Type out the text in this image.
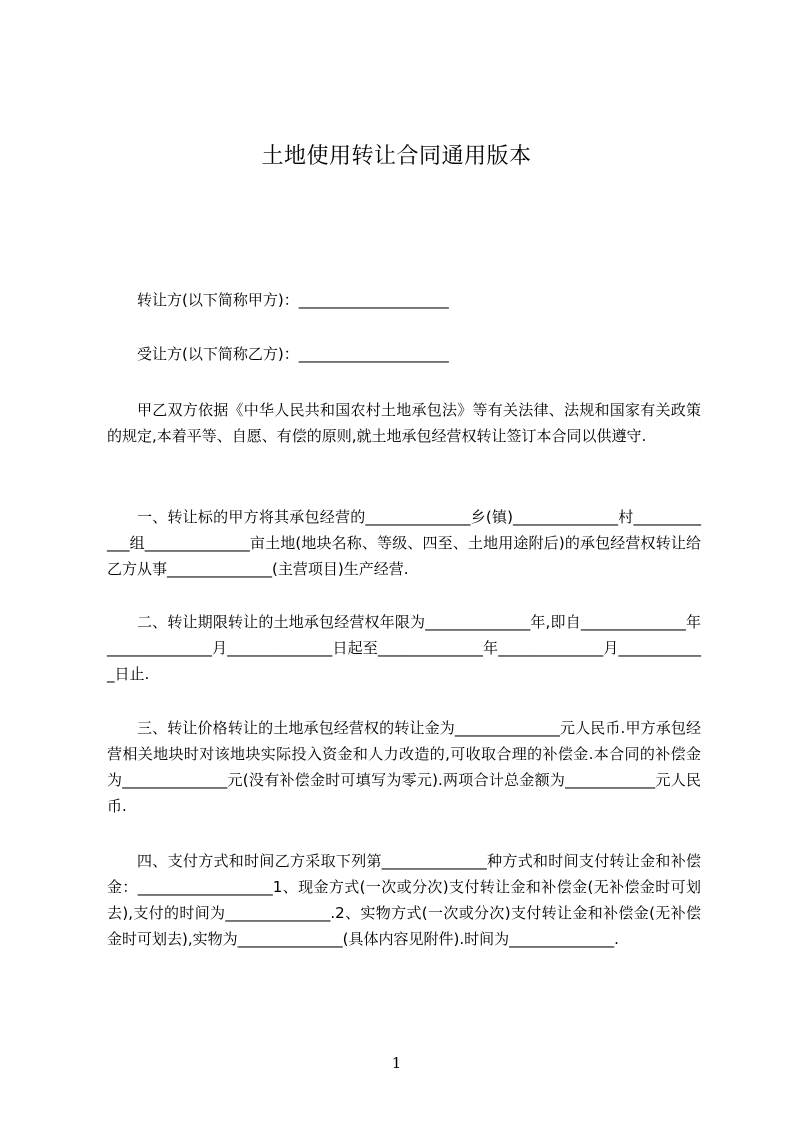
土地使用转让合同通用版本
转让方(以下简称甲方)：____________________
受让方(以下简称乙方)：____________________
甲乙双方依据《中华人民共和国农村土地承包法》等有关法律、法规和国家有关政策的规定,本着平等、自愿、有偿的原则,就土地承包经营权转让签订本合同以供遵守.
一、转让标的甲方将其承包经营的______________乡(镇)______________村____________组______________亩土地(地块名称、等级、四至、土地用途附后)的承包经营权转让给乙方从事______________(主营项目)生产经营.
二、转让期限转让的土地承包经营权年限为______________年,即自______________年______________月______________日起至______________年______________月____________日止.
三、转让价格转让的土地承包经营权的转让金为______________元人民币.甲方承包经营相关地块时对该地块实际投入资金和人力改造的,可收取合理的补偿金.本合同的补偿金为______________元(没有补偿金时可填写为零元).两项合计总金额为____________元人民币.
四、支付方式和时间乙方采取下列第______________种方式和时间支付转让金和补偿金：__________________1、现金方式(一次或分次)支付转让金和补偿金(无补偿金时可划去),支付的时间为______________.2、实物方式(一次或分次)支付转让金和补偿金(无补偿金时可划去),实物为______________(具体内容见附件).时间为______________.
1
